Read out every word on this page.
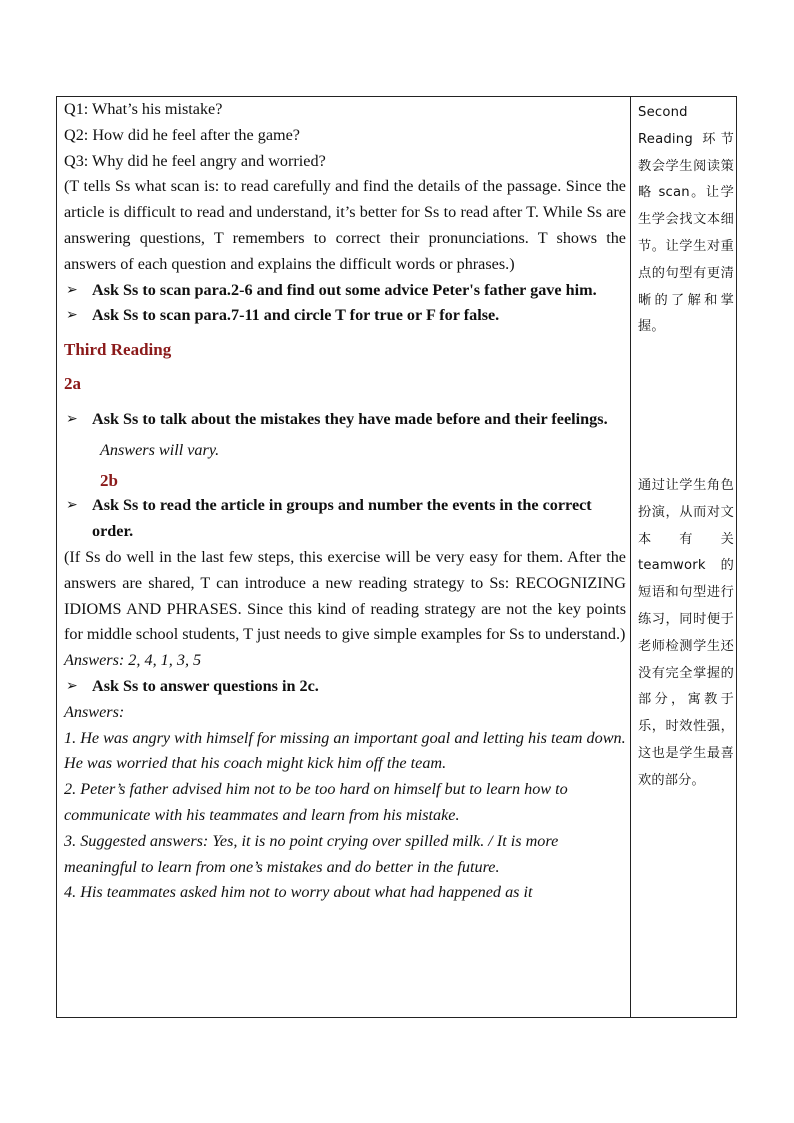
Q1: What’s his mistake?

Q2: How did he feel after the game?

Q3: Why did he feel angry and worried?

(T tells Ss what scan is: to read carefully and find the details of the passage. Since the article is difficult to read and understand, it’s better for Ss to read after T. While Ss are answering questions, T remembers to correct their pronunciations. T shows the answers of each question and explains the difficult words or phrases.)

➢ Ask Ss to scan para.2-6 and find out some advice Peter's father gave him.
➢ Ask Ss to scan para.7-11 and circle T for true or F for false.

Third Reading

2a

➢ Ask Ss to talk about the mistakes they have made before and their feelings.

Answers will vary.

2b

➢ Ask Ss to read the article in groups and number the events in the correct order.

(If Ss do well in the last few steps, this exercise will be very easy for them. After the answers are shared, T can introduce a new reading strategy to Ss: RECOGNIZING IDIOMS AND PHRASES. Since this kind of reading strategy are not the key points for middle school students, T just needs to give simple examples for Ss to understand.)

Answers: 2, 4, 1, 3, 5

➢ Ask Ss to answer questions in 2c.

Answers:

1. He was angry with himself for missing an important goal and letting his team down. He was worried that his coach might kick him off the team.

2. Peter’s father advised him not to be too hard on himself but to learn how to communicate with his teammates and learn from his mistake.

3. Suggested answers: Yes, it is no point crying over spilled milk. / It is more meaningful to learn from one’s mistakes and do better in the future.

4. His teammates asked him not to worry about what had happened as it

Second Reading 环节教会学生阅读策略 scan。让学生学会找文本细节。让学生对重点的句型有更清晰的了解和掌握。

通过让学生角色扮演，从而对文本有关 teamwork 的短语和句型进行练习，同时便于老师检测学生还没有完全掌握的部分，寓教于乐，时效性强，这也是学生最喜欢的部分。
